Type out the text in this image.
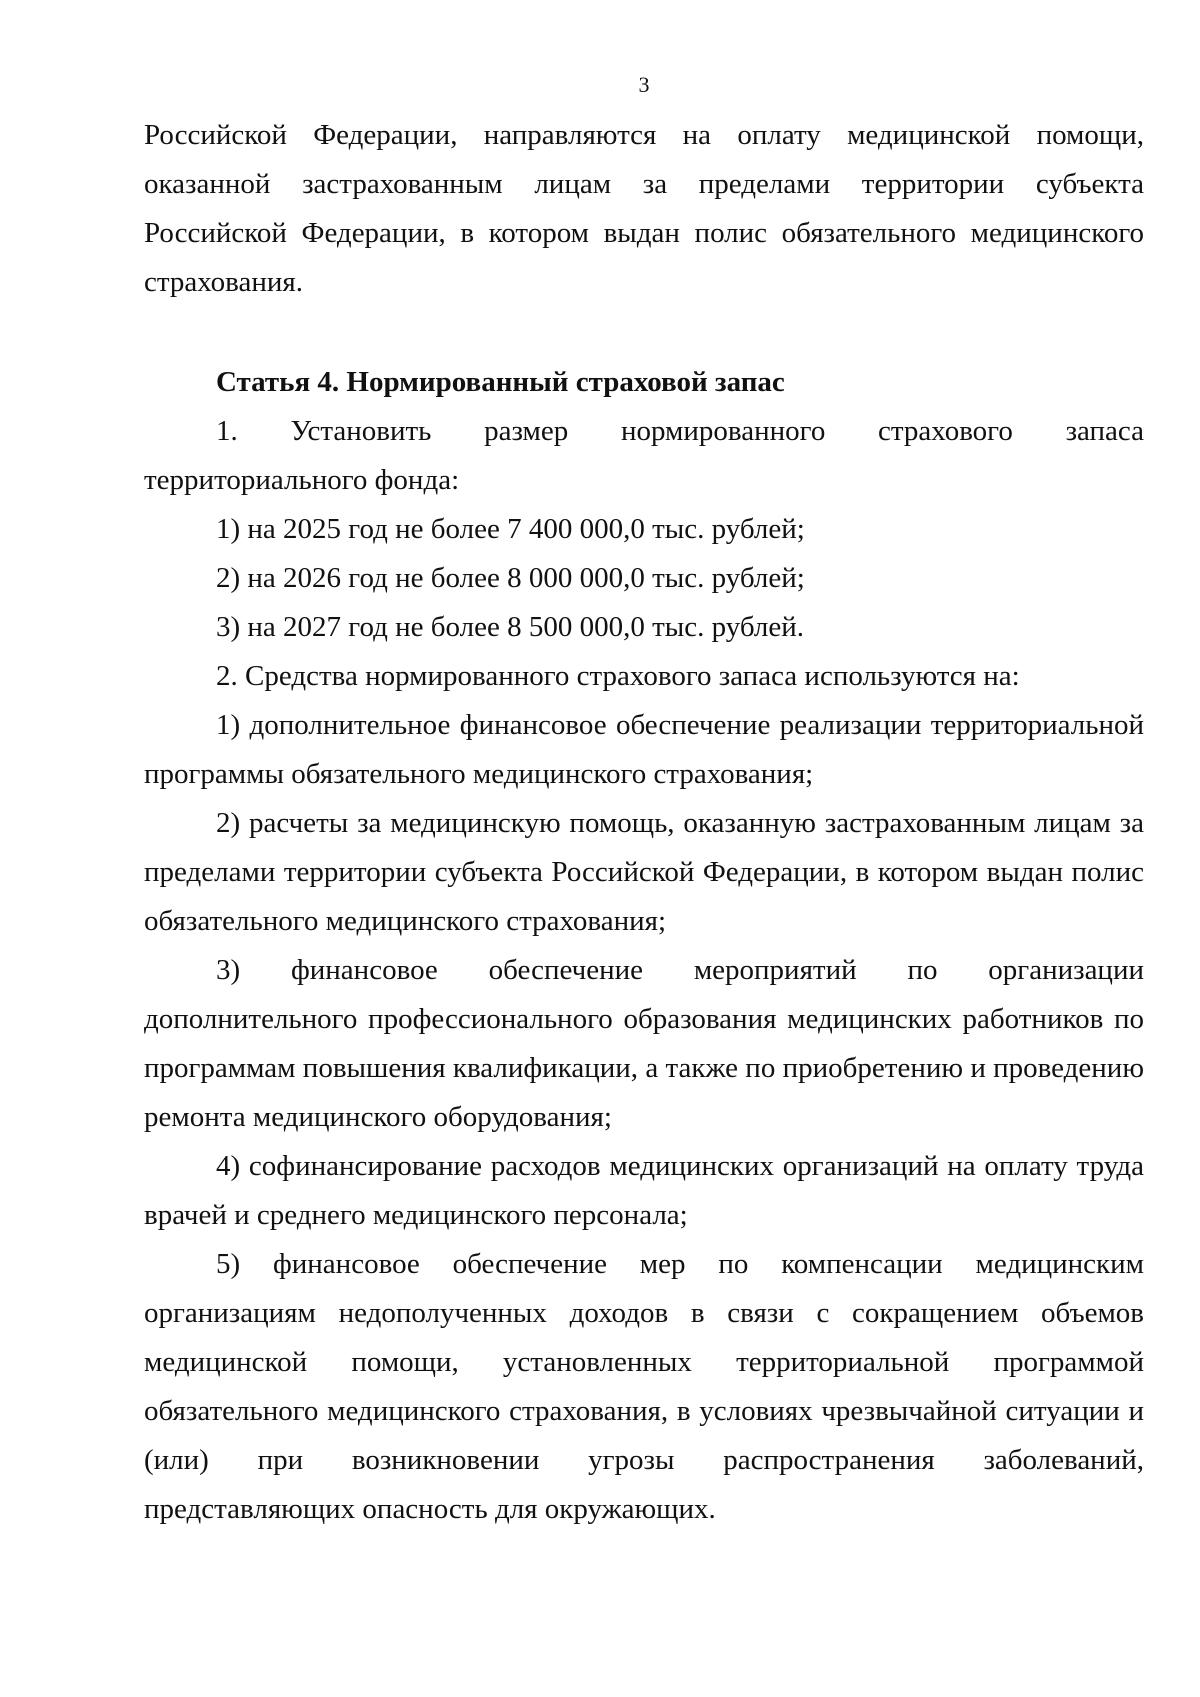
3

Российской Федерации, направляются на оплату медицинской помощи, оказанной застрахованным лицам за пределами территории субъекта Российской Федерации, в котором выдан полис обязательного медицинского страхования.

Статья 4. Нормированный страховой запас

1. Установить размер нормированного страхового запаса территориального фонда:

1) на 2025 год не более 7 400 000,0 тыс. рублей;

2) на 2026 год не более 8 000 000,0 тыс. рублей;

3) на 2027 год не более 8 500 000,0 тыс. рублей.

2. Средства нормированного страхового запаса используются на:

1) дополнительное финансовое обеспечение реализации территориальной программы обязательного медицинского страхования;

2) расчеты за медицинскую помощь, оказанную застрахованным лицам за пределами территории субъекта Российской Федерации, в котором выдан полис обязательного медицинского страхования;

3) финансовое обеспечение мероприятий по организации дополнительного профессионального образования медицинских работников по программам повышения квалификации, а также по приобретению и проведению ремонта медицинского оборудования;

4) софинансирование расходов медицинских организаций на оплату труда врачей и среднего медицинского персонала;

5) финансовое обеспечение мер по компенсации медицинским организациям недополученных доходов в связи с сокращением объемов медицинской помощи, установленных территориальной программой обязательного медицинского страхования, в условиях чрезвычайной ситуации и (или) при возникновении угрозы распространения заболеваний, представляющих опасность для окружающих.
